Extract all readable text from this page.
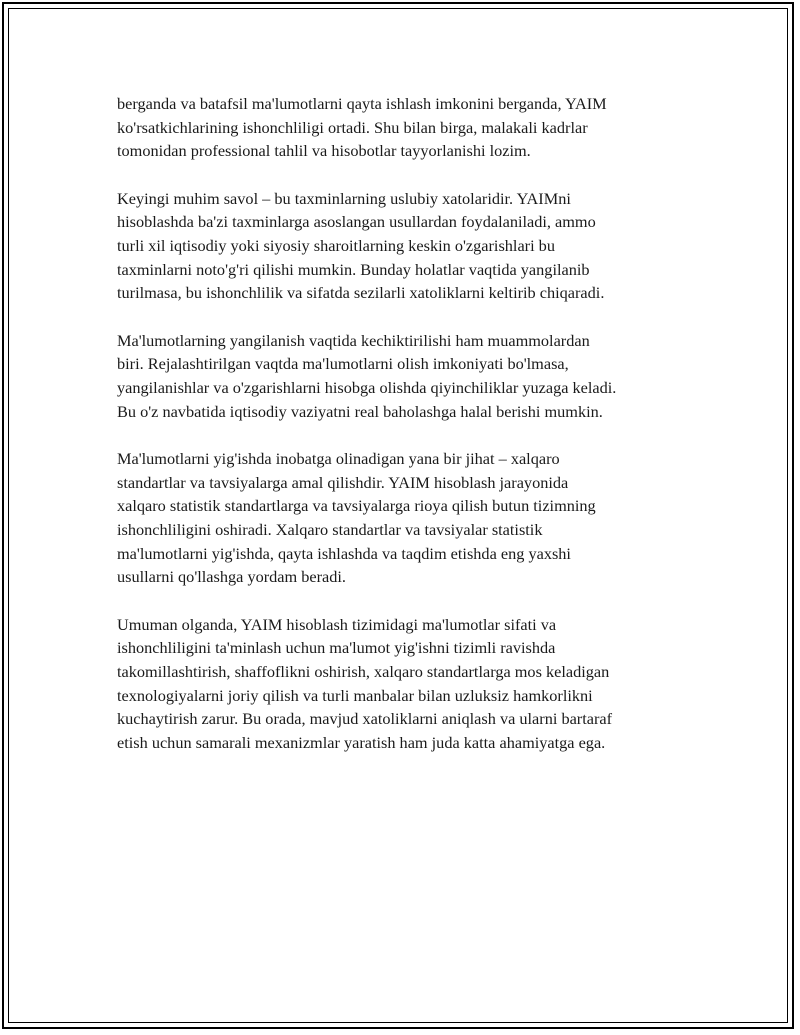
berganda va batafsil ma'lumotlarni qayta ishlash imkonini berganda, YAIM
ko'rsatkichlarining ishonchliligi ortadi. Shu bilan birga, malakali kadrlar
tomonidan professional tahlil va hisobotlar tayyorlanishi lozim.

Keyingi muhim savol – bu taxminlarning uslubiy xatolaridir. YAIMni
hisoblashda ba'zi taxminlarga asoslangan usullardan foydalaniladi, ammo
turli xil iqtisodiy yoki siyosiy sharoitlarning keskin o'zgarishlari bu
taxminlarni noto'g'ri qilishi mumkin. Bunday holatlar vaqtida yangilanib
turilmasa, bu ishonchlilik va sifatda sezilarli xatoliklarni keltirib chiqaradi.

Ma'lumotlarning yangilanish vaqtida kechiktirilishi ham muammolardan
biri. Rejalashtirilgan vaqtda ma'lumotlarni olish imkoniyati bo'lmasa,
yangilanishlar va o'zgarishlarni hisobga olishda qiyinchiliklar yuzaga keladi.
Bu o'z navbatida iqtisodiy vaziyatni real baholashga halal berishi mumkin.

Ma'lumotlarni yig'ishda inobatga olinadigan yana bir jihat – xalqaro
standartlar va tavsiyalarga amal qilishdir. YAIM hisoblash jarayonida
xalqaro statistik standartlarga va tavsiyalarga rioya qilish butun tizimning
ishonchliligini oshiradi. Xalqaro standartlar va tavsiyalar statistik
ma'lumotlarni yig'ishda, qayta ishlashda va taqdim etishda eng yaxshi
usullarni qo'llashga yordam beradi.

Umuman olganda, YAIM hisoblash tizimidagi ma'lumotlar sifati va
ishonchliligini ta'minlash uchun ma'lumot yig'ishni tizimli ravishda
takomillashtirish, shaffoflikni oshirish, xalqaro standartlarga mos keladigan
texnologiyalarni joriy qilish va turli manbalar bilan uzluksiz hamkorlikni
kuchaytirish zarur. Bu orada, mavjud xatoliklarni aniqlash va ularni bartaraf
etish uchun samarali mexanizmlar yaratish ham juda katta ahamiyatga ega.
